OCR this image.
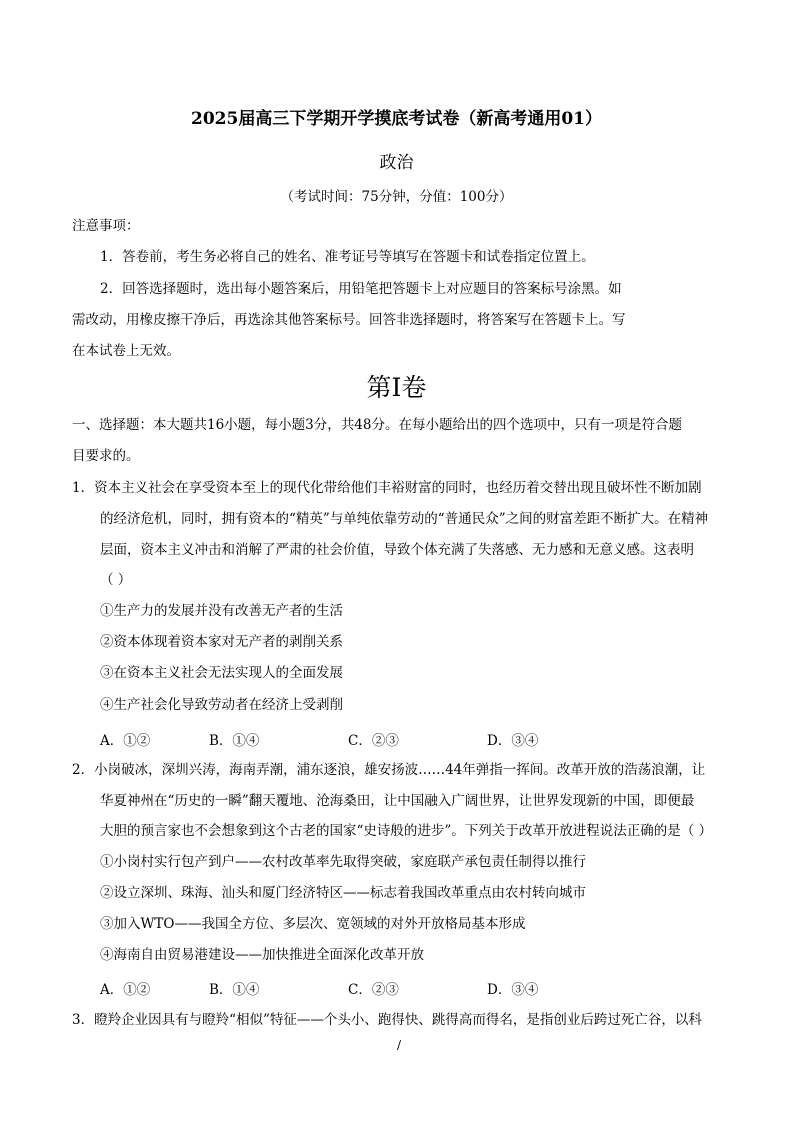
2025届高三下学期开学摸底考试卷（新高考通用01）
政治
（考试时间：75分钟，分值：100分）
注意事项：
1．答卷前，考生务必将自己的姓名、准考证号等填写在答题卡和试卷指定位置上。
2．回答选择题时，选出每小题答案后，用铅笔把答题卡上对应题目的答案标号涂黑。如
需改动，用橡皮擦干净后，再选涂其他答案标号。回答非选择题时，将答案写在答题卡上。写
在本试卷上无效。
第Ⅰ卷
一、选择题：本大题共16小题，每小题3分，共48分。在每小题给出的四个选项中，只有一项是符合题
目要求的。
1．资本主义社会在享受资本至上的现代化带给他们丰裕财富的同时，也经历着交替出现且破坏性不断加剧
的经济危机，同时，拥有资本的“精英”与单纯依靠劳动的“普通民众”之间的财富差距不断扩大。在精神
层面，资本主义冲击和消解了严肃的社会价值，导致个体充满了失落感、无力感和无意义感。这表明
（ ）
①生产力的发展并没有改善无产者的生活
②资本体现着资本家对无产者的剥削关系
③在资本主义社会无法实现人的全面发展
④生产社会化导致劳动者在经济上受剥削
A．①②	B．①④	C．②③	D．③④
2．小岗破冰，深圳兴涛，海南弄潮，浦东逐浪，雄安扬波……44年弹指一挥间。改革开放的浩荡浪潮，让
华夏神州在“历史的一瞬”翻天覆地、沧海桑田，让中国融入广阔世界，让世界发现新的中国，即便最
大胆的预言家也不会想象到这个古老的国家“史诗般的进步”。下列关于改革开放进程说法正确的是（ ）
①小岗村实行包产到户——农村改革率先取得突破，家庭联产承包责任制得以推行
②设立深圳、珠海、汕头和厦门经济特区——标志着我国改革重点由农村转向城市
③加入WTO——我国全方位、多层次、宽领域的对外开放格局基本形成
④海南自由贸易港建设——加快推进全面深化改革开放
A．①②	B．①④	C．②③	D．③④
3．瞪羚企业因具有与瞪羚“相似”特征——个头小、跑得快、跳得高而得名，是指创业后跨过死亡谷，以科
/
